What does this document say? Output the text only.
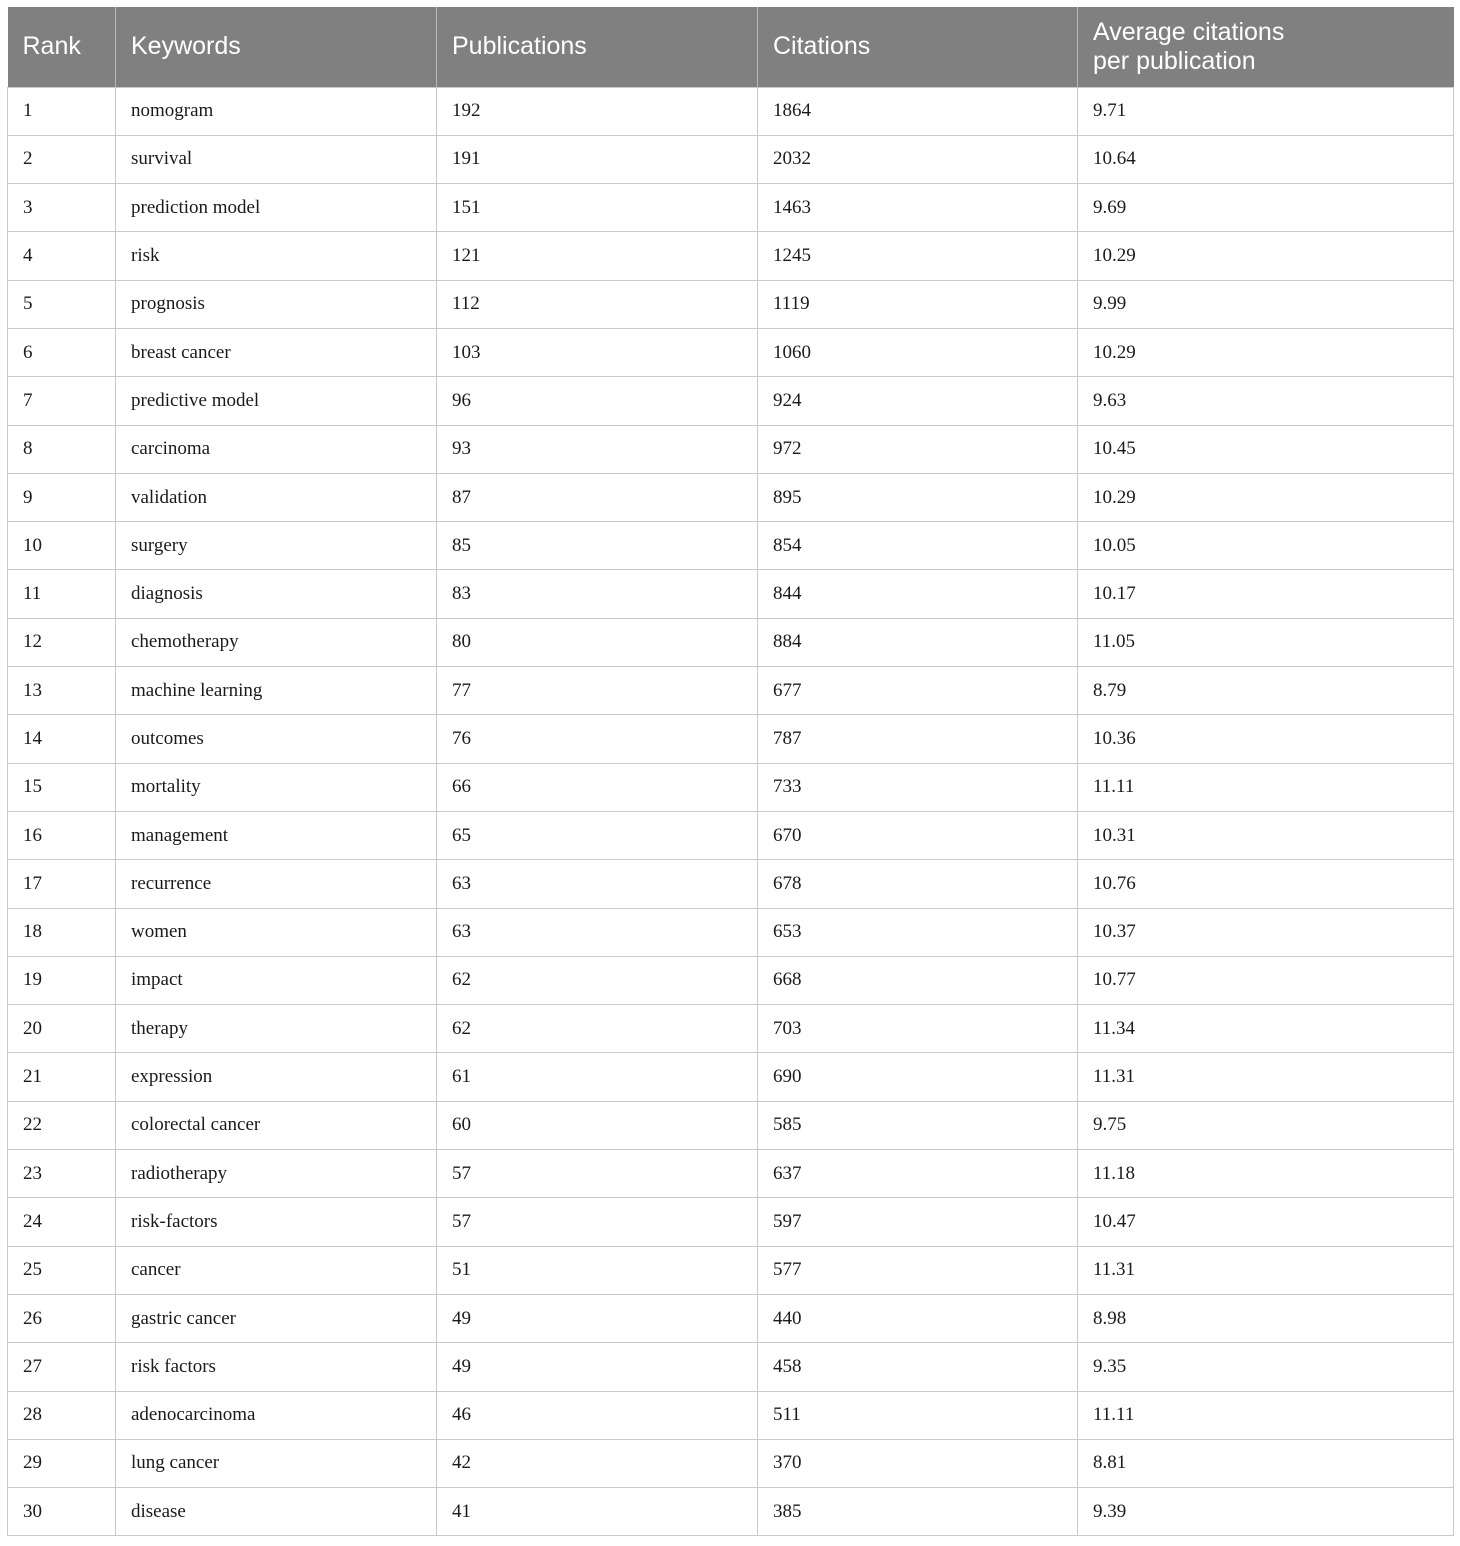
Rank	Keywords	Publications	Citations	Average citations
per publication
1	nomogram	192	1864	9.71
2	survival	191	2032	10.64
3	prediction model	151	1463	9.69
4	risk	121	1245	10.29
5	prognosis	112	1119	9.99
6	breast cancer	103	1060	10.29
7	predictive model	96	924	9.63
8	carcinoma	93	972	10.45
9	validation	87	895	10.29
10	surgery	85	854	10.05
11	diagnosis	83	844	10.17
12	chemotherapy	80	884	11.05
13	machine learning	77	677	8.79
14	outcomes	76	787	10.36
15	mortality	66	733	11.11
16	management	65	670	10.31
17	recurrence	63	678	10.76
18	women	63	653	10.37
19	impact	62	668	10.77
20	therapy	62	703	11.34
21	expression	61	690	11.31
22	colorectal cancer	60	585	9.75
23	radiotherapy	57	637	11.18
24	risk-factors	57	597	10.47
25	cancer	51	577	11.31
26	gastric cancer	49	440	8.98
27	risk factors	49	458	9.35
28	adenocarcinoma	46	511	11.11
29	lung cancer	42	370	8.81
30	disease	41	385	9.39
